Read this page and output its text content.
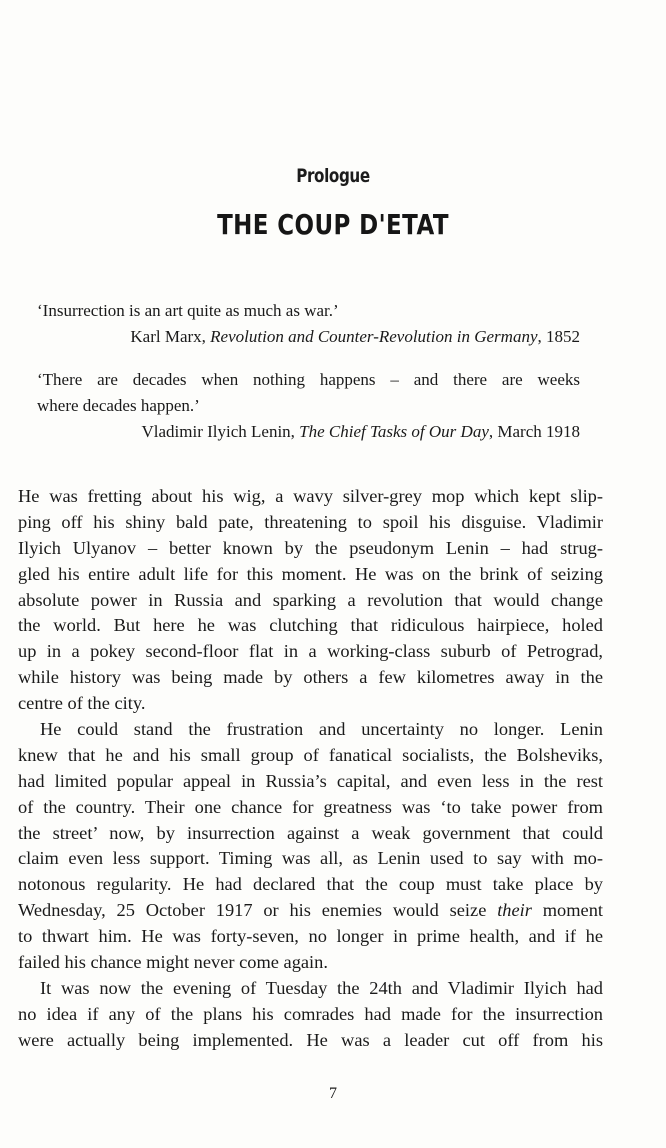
Prologue
THE COUP D'ETAT
‘Insurrection is an art quite as much as war.’
Karl Marx, Revolution and Counter-Revolution in Germany, 1852
‘There are decades when nothing happens – and there are weeks
where decades happen.’
Vladimir Ilyich Lenin, The Chief Tasks of Our Day, March 1918
He was fretting about his wig, a wavy silver-grey mop which kept slip-
ping off his shiny bald pate, threatening to spoil his disguise. Vladimir
Ilyich Ulyanov – better known by the pseudonym Lenin – had strug-
gled his entire adult life for this moment. He was on the brink of seizing
absolute power in Russia and sparking a revolution that would change
the world. But here he was clutching that ridiculous hairpiece, holed
up in a pokey second-floor flat in a working-class suburb of Petrograd,
while history was being made by others a few kilometres away in the
centre of the city.
He could stand the frustration and uncertainty no longer. Lenin
knew that he and his small group of fanatical socialists, the Bolsheviks,
had limited popular appeal in Russia’s capital, and even less in the rest
of the country. Their one chance for greatness was ‘to take power from
the street’ now, by insurrection against a weak government that could
claim even less support. Timing was all, as Lenin used to say with mo-
notonous regularity. He had declared that the coup must take place by
Wednesday, 25 October 1917 or his enemies would seize their moment
to thwart him. He was forty-seven, no longer in prime health, and if he
failed his chance might never come again.
It was now the evening of Tuesday the 24th and Vladimir Ilyich had
no idea if any of the plans his comrades had made for the insurrection
were actually being implemented. He was a leader cut off from his
7
